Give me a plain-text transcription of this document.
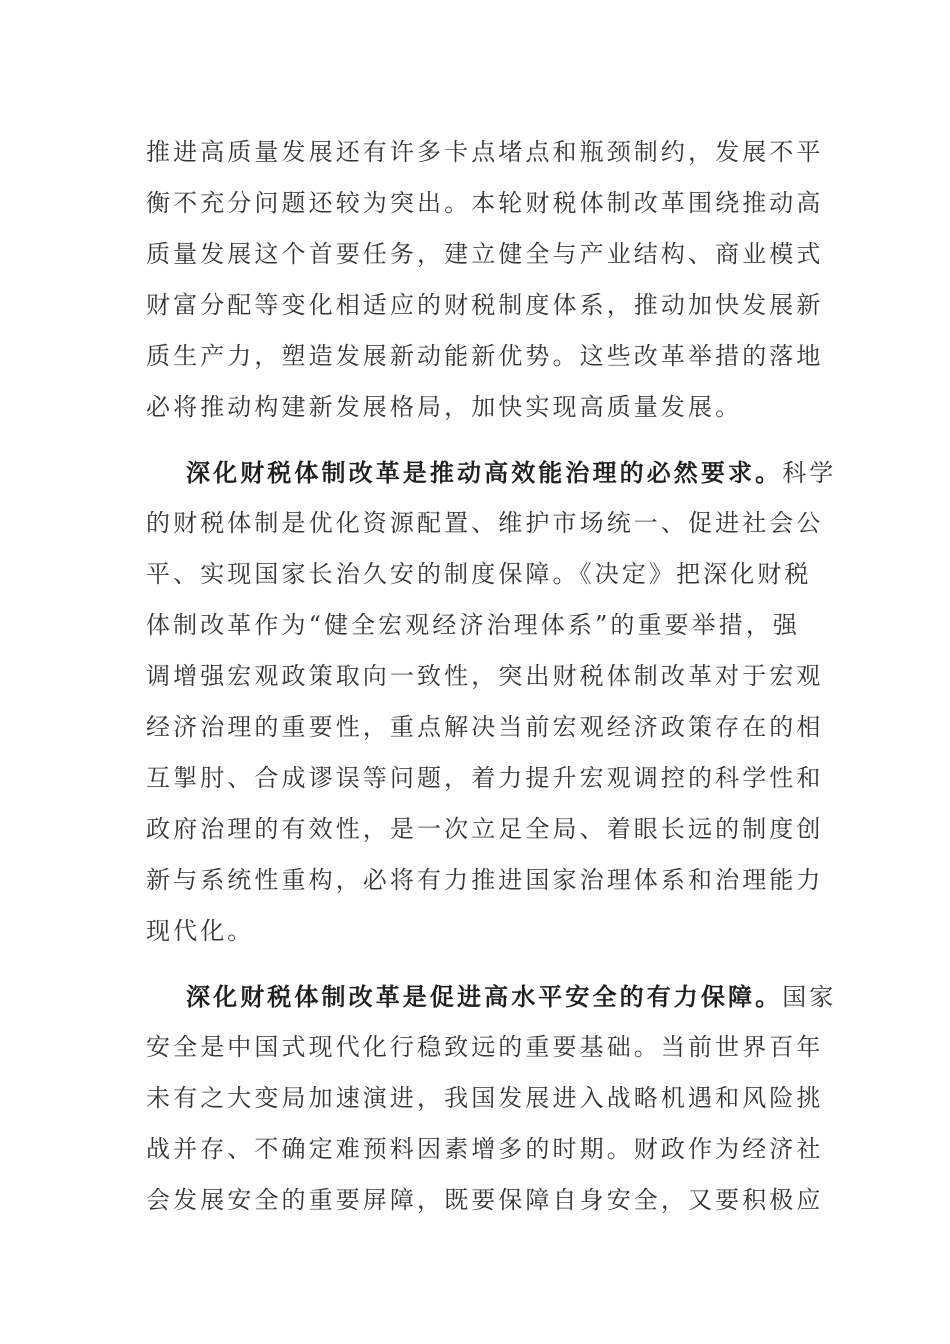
推进高质量发展还有许多卡点堵点和瓶颈制约，发展不平
衡不充分问题还较为突出。本轮财税体制改革围绕推动高
质量发展这个首要任务，建立健全与产业结构、商业模式
财富分配等变化相适应的财税制度体系，推动加快发展新
质生产力，塑造发展新动能新优势。这些改革举措的落地
必将推动构建新发展格局，加快实现高质量发展。
深化财税体制改革是推动高效能治理的必然要求。科学
的财税体制是优化资源配置、维护市场统一、促进社会公
平、实现国家长治久安的制度保障。《决定》把深化财税
体制改革作为“健全宏观经济治理体系”的重要举措，强
调增强宏观政策取向一致性，突出财税体制改革对于宏观
经济治理的重要性，重点解决当前宏观经济政策存在的相
互掣肘、合成谬误等问题，着力提升宏观调控的科学性和
政府治理的有效性，是一次立足全局、着眼长远的制度创
新与系统性重构，必将有力推进国家治理体系和治理能力
现代化。
深化财税体制改革是促进高水平安全的有力保障。国家
安全是中国式现代化行稳致远的重要基础。当前世界百年
未有之大变局加速演进，我国发展进入战略机遇和风险挑
战并存、不确定难预料因素增多的时期。财政作为经济社
会发展安全的重要屏障，既要保障自身安全，又要积极应
